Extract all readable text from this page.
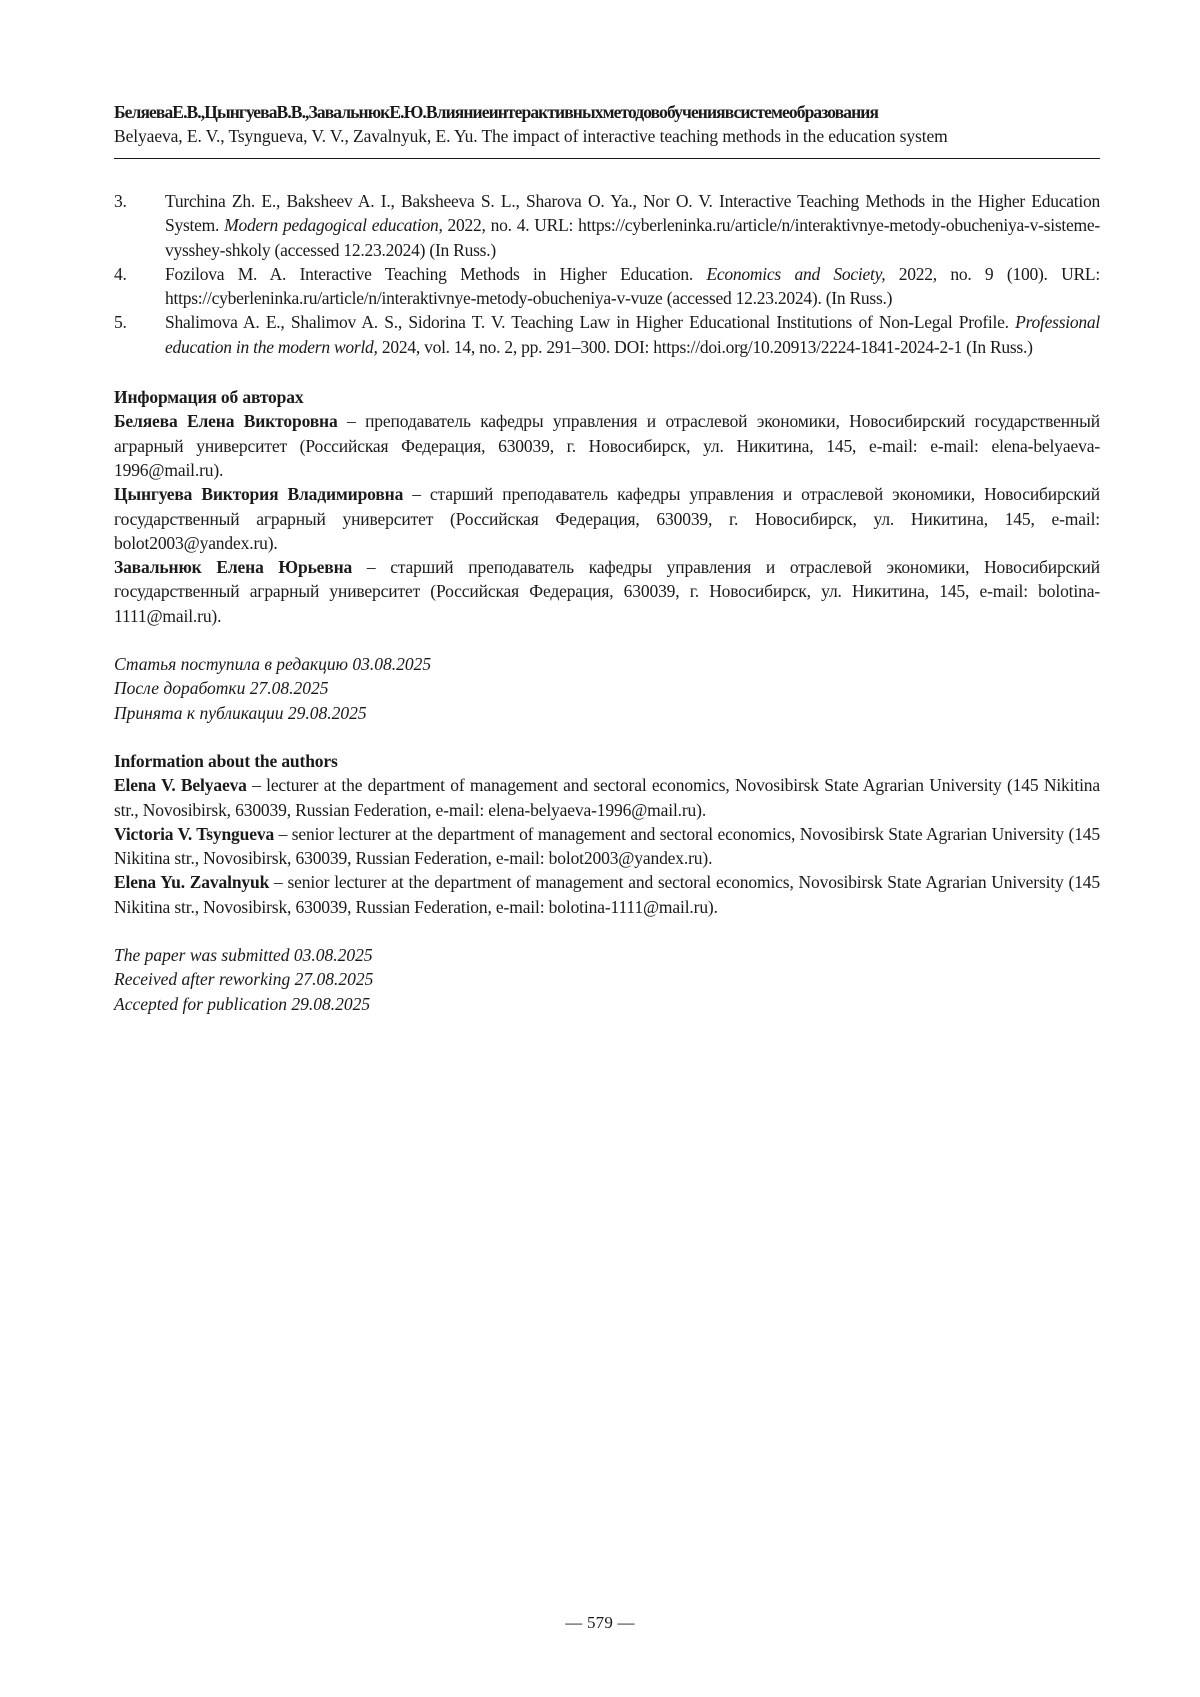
БеляеваЕ.В.,ЦынгуеваВ.В.,ЗавальнюкЕ.Ю.Влияниеинтерактивныхметодовобучениявсистемеобразования
Belyaeva, E. V., Tsyngueva, V. V., Zavalnyuk, E. Yu. The impact of interactive teaching methods in the education system
3. Turchina Zh. E., Baksheev A. I., Baksheeva S. L., Sharova O. Ya., Nor O. V. Interactive Teaching Methods in the Higher Education System. Modern pedagogical education, 2022, no. 4. URL: https://cyberleninka.ru/article/n/interaktivnye-metody-obucheniya-v-sisteme-vysshey-shkoly (accessed 12.23.2024) (In Russ.)
4. Fozilova M. A. Interactive Teaching Methods in Higher Education. Economics and Society, 2022, no. 9 (100). URL: https://cyberleninka.ru/article/n/interaktivnye-metody-obucheniya-v-vuze (accessed 12.23.2024). (In Russ.)
5. Shalimova A. E., Shalimov A. S., Sidorina T. V. Teaching Law in Higher Educational Institutions of Non-Legal Profile. Professional education in the modern world, 2024, vol. 14, no. 2, pp. 291–300. DOI: https://doi.org/10.20913/2224-1841-2024-2-1 (In Russ.)
Информация об авторах
Беляева Елена Викторовна – преподаватель кафедры управления и отраслевой экономики, Новосибирский государственный аграрный университет (Российская Федерация, 630039, г. Новосибирск, ул. Никитина, 145, e-mail: e-mail: elena-belyaeva-1996@mail.ru).
Цынгуева Виктория Владимировна – старший преподаватель кафедры управления и отраслевой экономики, Новосибирский государственный аграрный университет (Российская Федерация, 630039, г. Новосибирск, ул. Никитина, 145, e-mail: bolot2003@yandex.ru).
Завальнюк Елена Юрьевна – старший преподаватель кафедры управления и отраслевой экономики, Новосибирский государственный аграрный университет (Российская Федерация, 630039, г. Новосибирск, ул. Никитина, 145, e-mail: bolotina-1111@mail.ru).
Статья поступила в редакцию 03.08.2025
После доработки 27.08.2025
Принята к публикации 29.08.2025
Information about the authors
Elena V. Belyaeva – lecturer at the department of management and sectoral economics, Novosibirsk State Agrarian University (145 Nikitina str., Novosibirsk, 630039, Russian Federation, e-mail: elena-belyaeva-1996@mail.ru).
Victoria V. Tsyngueva – senior lecturer at the department of management and sectoral economics, Novosibirsk State Agrarian University (145 Nikitina str., Novosibirsk, 630039, Russian Federation, e-mail: bolot2003@yandex.ru).
Elena Yu. Zavalnyuk – senior lecturer at the department of management and sectoral economics, Novosibirsk State Agrarian University (145 Nikitina str., Novosibirsk, 630039, Russian Federation, e-mail: bolotina-1111@mail.ru).
The paper was submitted 03.08.2025
Received after reworking 27.08.2025
Accepted for publication 29.08.2025
— 579 —
